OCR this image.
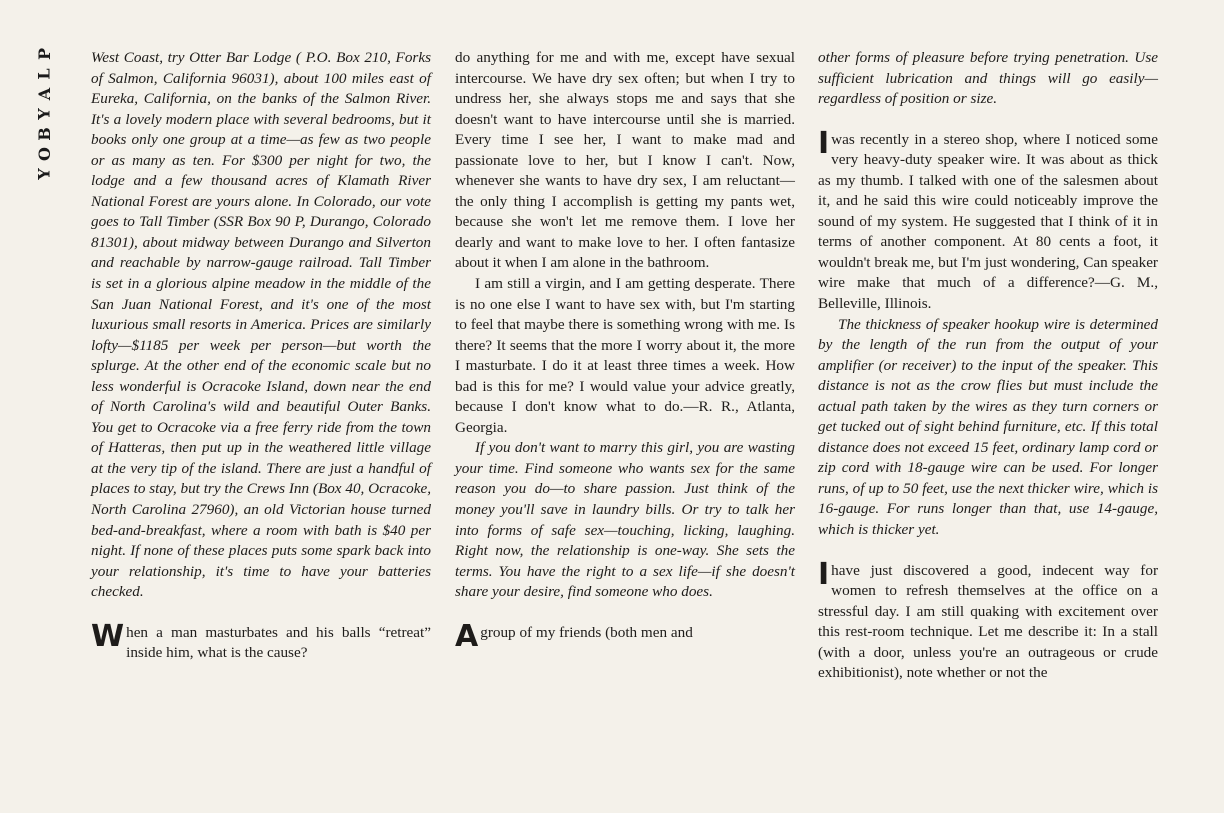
P
L
A
Y
B
O
Y

West Coast, try Otter Bar Lodge ( P.O. Box 210, Forks of Salmon, California 96031), about 100 miles east of Eureka, California, on the banks of the Salmon River. It's a lovely modern place with several bedrooms, but it books only one group at a time—as few as two people or as many as ten. For $300 per night for two, the lodge and a few thousand acres of Klamath River National Forest are yours alone. In Colorado, our vote goes to Tall Timber (SSR Box 90 P, Durango, Colorado 81301), about midway between Durango and Silverton and reachable by narrow-gauge railroad. Tall Timber is set in a glorious alpine meadow in the middle of the San Juan National Forest, and it's one of the most luxurious small resorts in America. Prices are similarly lofty—$1185 per week per person—but worth the splurge. At the other end of the economic scale but no less wonderful is Ocracoke Island, down near the end of North Carolina's wild and beautiful Outer Banks. You get to Ocracoke via a free ferry ride from the town of Hatteras, then put up in the weathered little village at the very tip of the island. There are just a handful of places to stay, but try the Crews Inn (Box 40, Ocracoke, North Carolina 27960), an old Victorian house turned bed-and-breakfast, where a room with bath is $40 per night. If none of these places puts some spark back into your relationship, it's time to have your batteries checked.

When a man masturbates and his balls “retreat” inside him, what is the cause?

do anything for me and with me, except have sexual intercourse. We have dry sex often; but when I try to undress her, she always stops me and says that she doesn't want to have intercourse until she is married. Every time I see her, I want to make mad and passionate love to her, but I know I can't. Now, whenever she wants to have dry sex, I am reluctant—the only thing I accomplish is getting my pants wet, because she won't let me remove them. I love her dearly and want to make love to her. I often fantasize about it when I am alone in the bathroom.

I am still a virgin, and I am getting desperate. There is no one else I want to have sex with, but I'm starting to feel that maybe there is something wrong with me. Is there? It seems that the more I worry about it, the more I masturbate. I do it at least three times a week. How bad is this for me? I would value your advice greatly, because I don't know what to do.—R. R., Atlanta, Georgia.

If you don't want to marry this girl, you are wasting your time. Find someone who wants sex for the same reason you do—to share passion. Just think of the money you'll save in laundry bills. Or try to talk her into forms of safe sex—touching, licking, laughing. Right now, the relationship is one-way. She sets the terms. You have the right to a sex life—if she doesn't share your desire, find someone who does.

Agroup of my friends (both men and

other forms of pleasure before trying penetration. Use sufficient lubrication and things will go easily—regardless of position or size.

Iwas recently in a stereo shop, where I noticed some very heavy-duty speaker wire. It was about as thick as my thumb. I talked with one of the salesmen about it, and he said this wire could noticeably improve the sound of my system. He suggested that I think of it in terms of another component. At 80 cents a foot, it wouldn't break me, but I'm just wondering, Can speaker wire make that much of a difference?—G. M., Belleville, Illinois.

The thickness of speaker hookup wire is determined by the length of the run from the output of your amplifier (or receiver) to the input of the speaker. This distance is not as the crow flies but must include the actual path taken by the wires as they turn corners or get tucked out of sight behind furniture, etc. If this total distance does not exceed 15 feet, ordinary lamp cord or zip cord with 18-gauge wire can be used. For longer runs, of up to 50 feet, use the next thicker wire, which is 16-gauge. For runs longer than that, use 14-gauge, which is thicker yet.

Ihave just discovered a good, indecent way for women to refresh themselves at the office on a stressful day. I am still quaking with excitement over this rest-room technique. Let me describe it: In a stall (with a door, unless you're an outrageous or crude exhibitionist), note whether or not the
